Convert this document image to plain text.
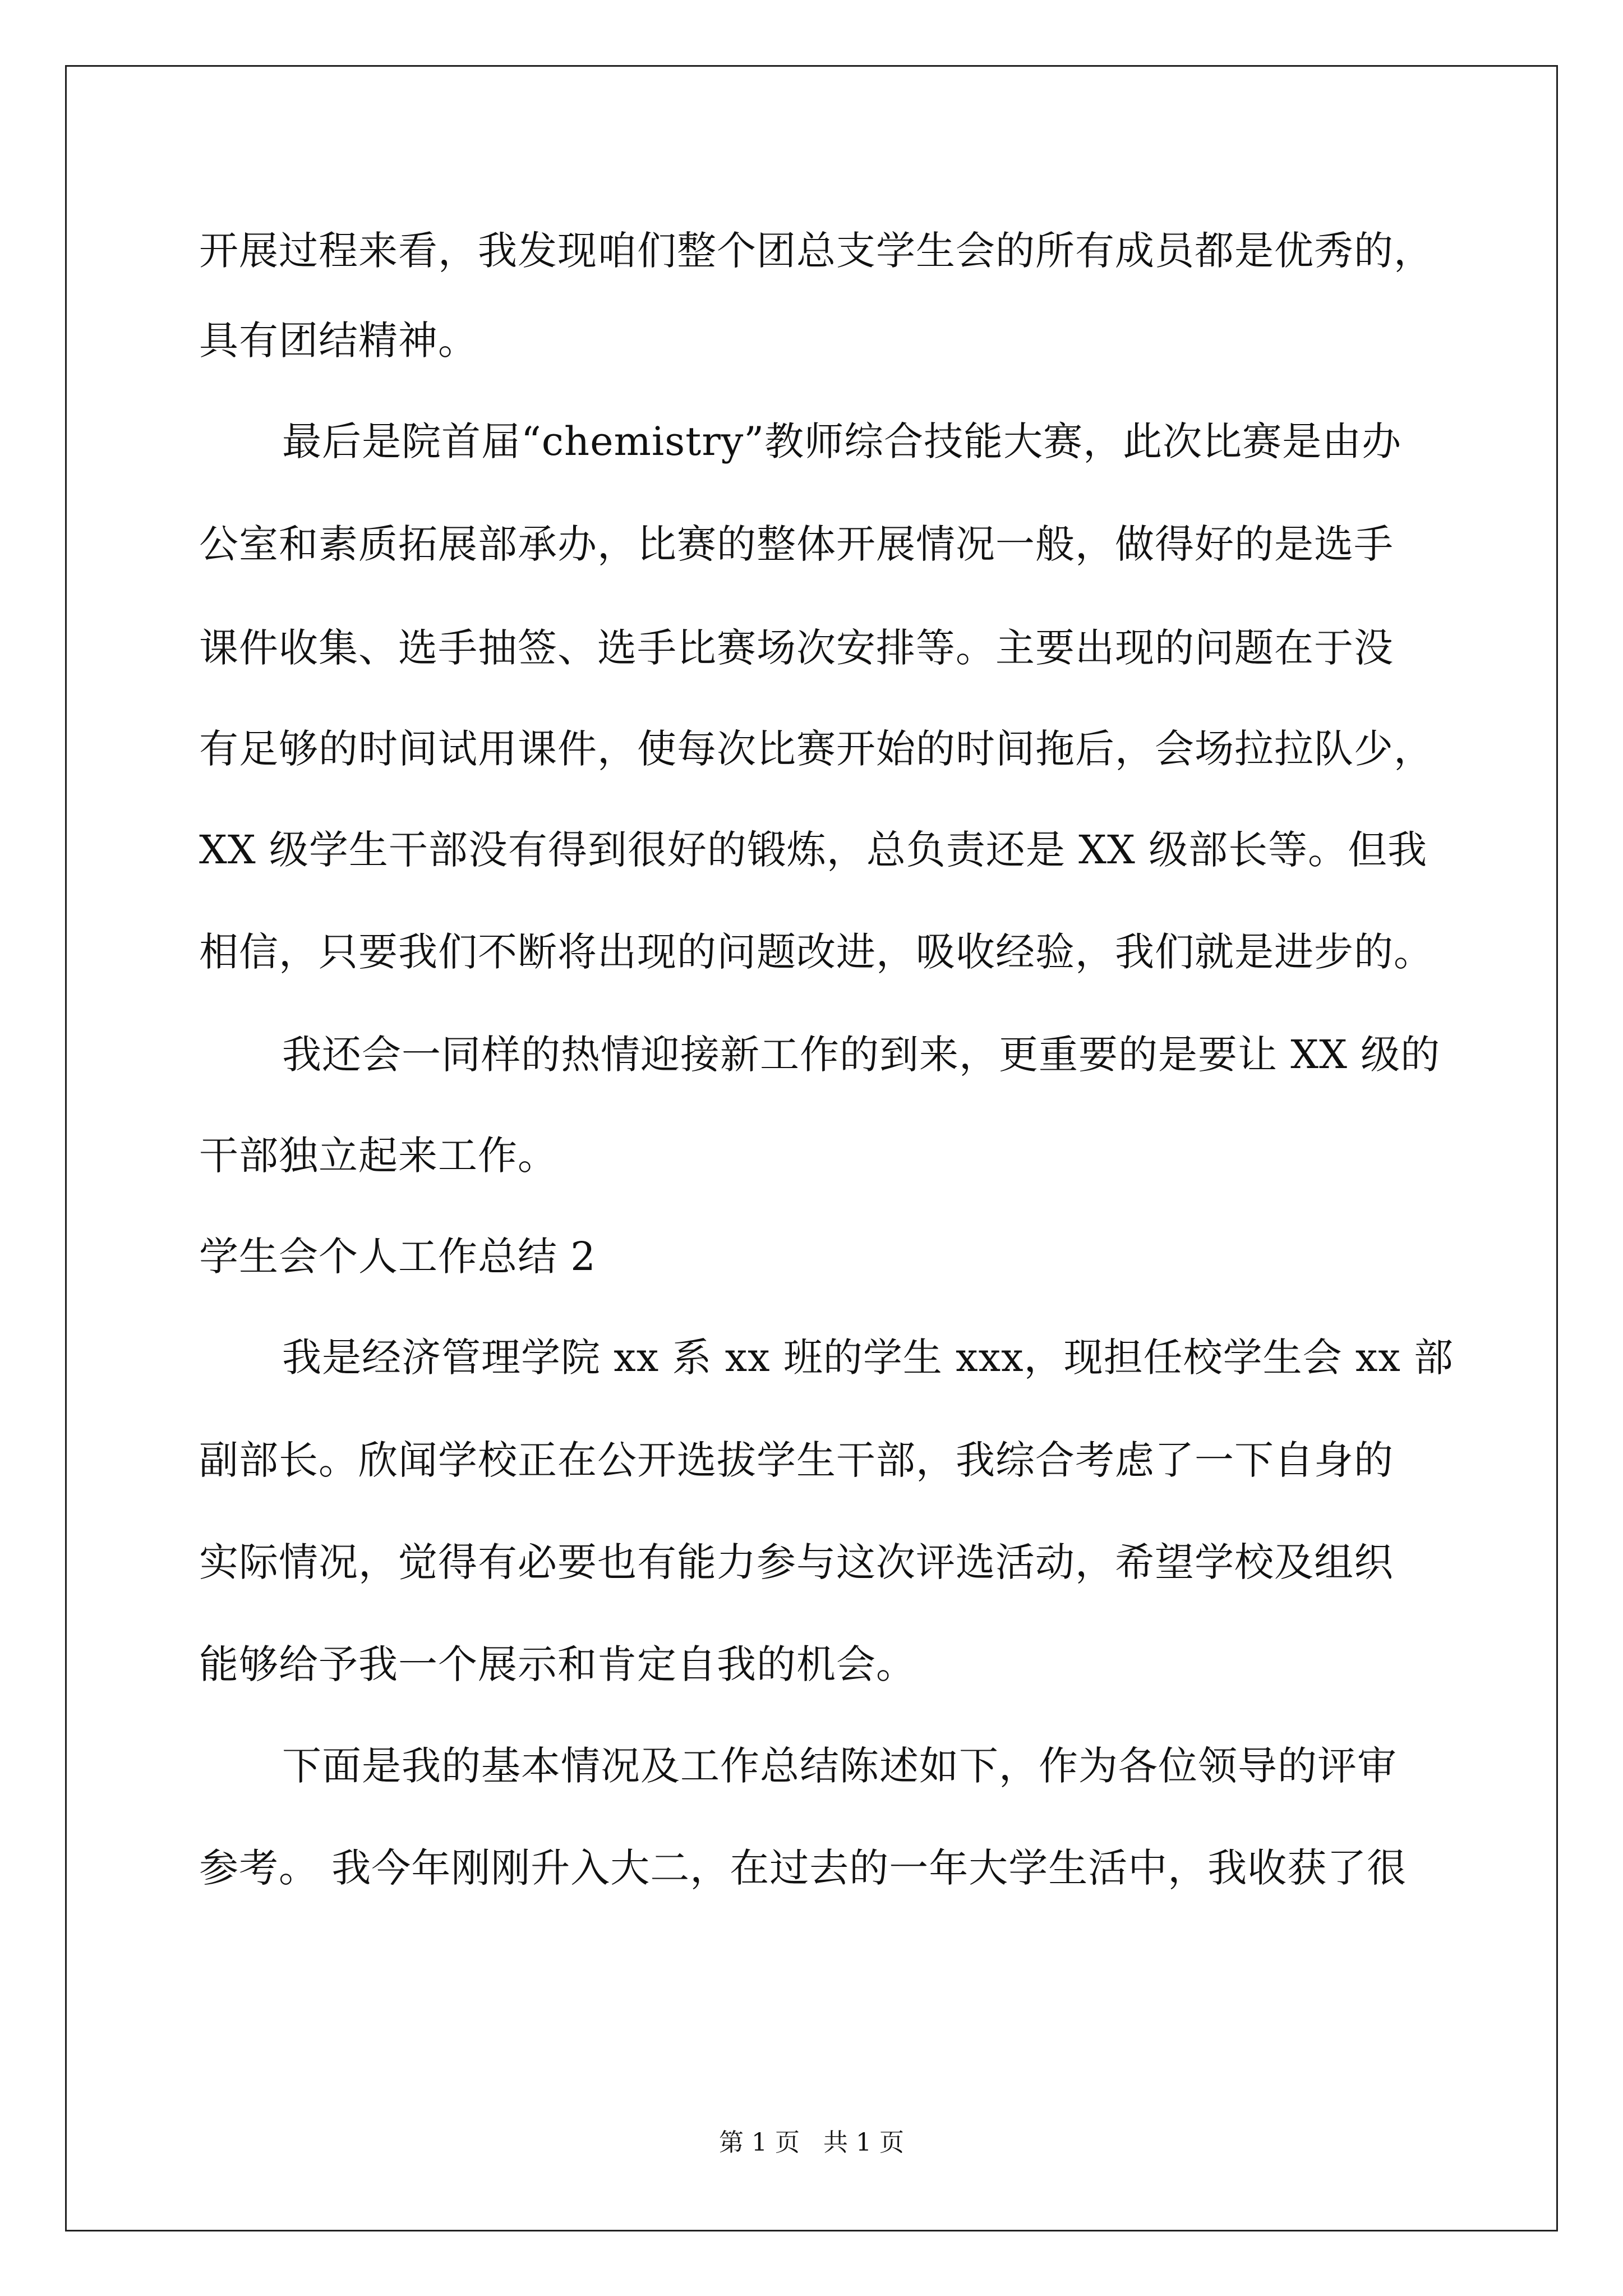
开展过程来看，我发现咱们整个团总支学生会的所有成员都是优秀的，
具有团结精神。
最后是院首届“chemistry”教师综合技能大赛，此次比赛是由办
公室和素质拓展部承办，比赛的整体开展情况一般，做得好的是选手
课件收集、选手抽签、选手比赛场次安排等。主要出现的问题在于没
有足够的时间试用课件，使每次比赛开始的时间拖后，会场拉拉队少，
XX 级学生干部没有得到很好的锻炼，总负责还是 XX 级部长等。但我
相信，只要我们不断将出现的问题改进，吸收经验，我们就是进步的。
我还会一同样的热情迎接新工作的到来，更重要的是要让 XX 级的
干部独立起来工作。
学生会个人工作总结 2
我是经济管理学院 xx 系 xx 班的学生 xxx，现担任校学生会 xx 部
副部长。欣闻学校正在公开选拔学生干部，我综合考虑了一下自身的
实际情况，觉得有必要也有能力参与这次评选活动，希望学校及组织
能够给予我一个展示和肯定自我的机会。
下面是我的基本情况及工作总结陈述如下，作为各位领导的评审
参考。 我今年刚刚升入大二，在过去的一年大学生活中，我收获了很
第 1 页   共 1 页
